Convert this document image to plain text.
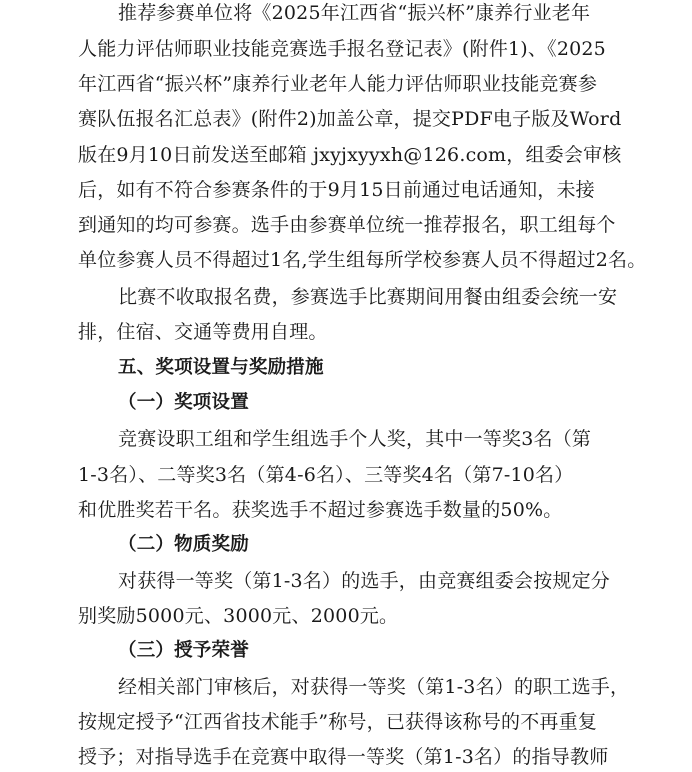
推荐参赛单位将《2025年江西省“振兴杯”康养行业老年
人能力评估师职业技能竞赛选手报名登记表》(附件1)、《2025
年江西省“振兴杯”康养行业老年人能力评估师职业技能竞赛参
赛队伍报名汇总表》(附件2)加盖公章，提交PDF电子版及Word
版在9月10日前发送至邮箱 jxyjxyyxh@126.com，组委会审核
后，如有不符合参赛条件的于9月15日前通过电话通知，未接
到通知的均可参赛。选手由参赛单位统一推荐报名，职工组每个
单位参赛人员不得超过1名,学生组每所学校参赛人员不得超过2名。
比赛不收取报名费，参赛选手比赛期间用餐由组委会统一安
排，住宿、交通等费用自理。
五、奖项设置与奖励措施
（一）奖项设置
竞赛设职工组和学生组选手个人奖，其中一等奖3名（第
1-3名）、二等奖3名（第4-6名）、三等奖4名（第7-10名）
和优胜奖若干名。获奖选手不超过参赛选手数量的50%。
（二）物质奖励
对获得一等奖（第1-3名）的选手，由竞赛组委会按规定分
别奖励5000元、3000元、2000元。
（三）授予荣誉
经相关部门审核后，对获得一等奖（第1-3名）的职工选手，
按规定授予“江西省技术能手”称号，已获得该称号的不再重复
授予；对指导选手在竞赛中取得一等奖（第1-3名）的指导教师
